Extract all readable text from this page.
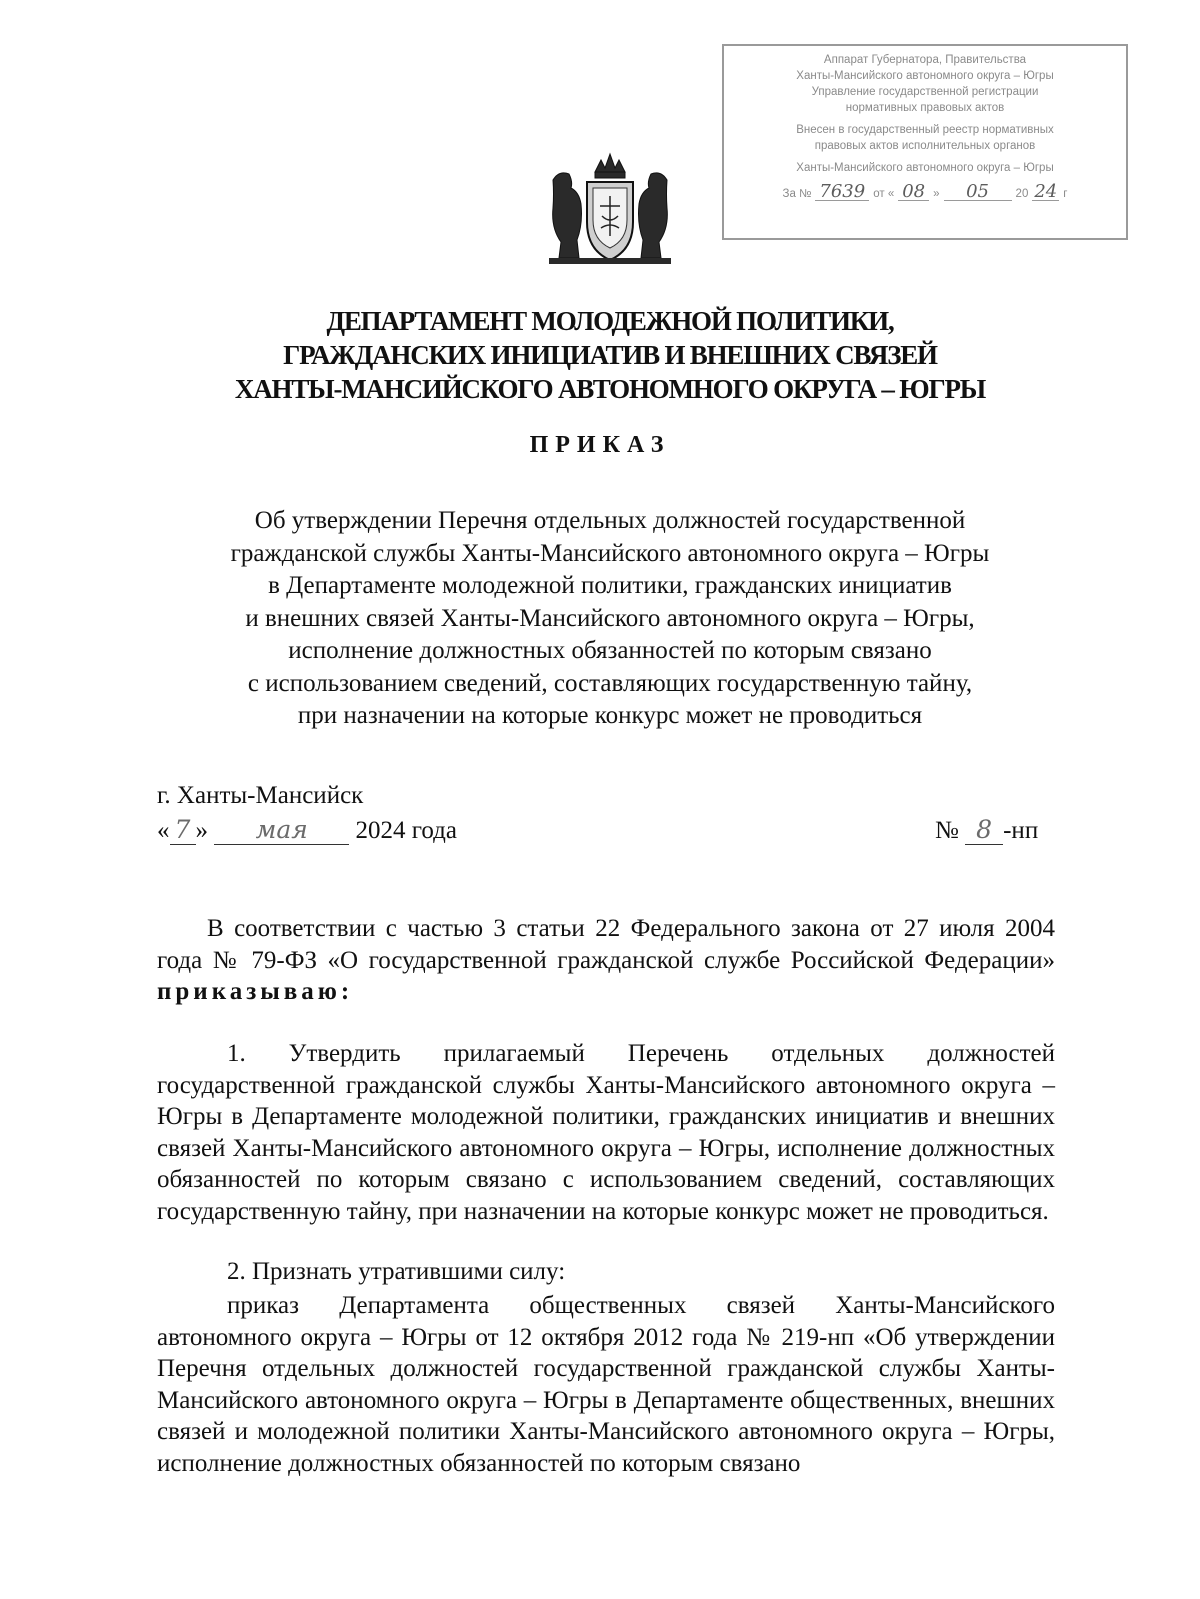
Аппарат Губернатора, Правительства
Ханты-Мансийского автономного округа – Югры
Управление государственной регистрации
нормативных правовых актов
Внесен в государственный реестр нормативных
правовых актов исполнительных органов
Ханты-Мансийского автономного округа – Югры
За № 7639 от « 08 »	05	20 24 г
ДЕПАРТАМЕНТ МОЛОДЕЖНОЙ ПОЛИТИКИ,
ГРАЖДАНСКИХ ИНИЦИАТИВ И ВНЕШНИХ СВЯЗЕЙ
ХАНТЫ-МАНСИЙСКОГО АВТОНОМНОГО ОКРУГА – ЮГРЫ
ПРИКАЗ
Об утверждении Перечня отдельных должностей государственной
гражданской службы Ханты-Мансийского автономного округа – Югры
в Департаменте молодежной политики, гражданских инициатив
и внешних связей Ханты-Мансийского автономного округа – Югры,
исполнение должностных обязанностей по которым связано
с использованием сведений, составляющих государственную тайну,
при назначении на которые конкурс может не проводиться
г. Ханты-Мансийск
« 7 » мая 2024 года	№ 8 -нп
В соответствии с частью 3 статьи 22 Федерального закона от 27 июля 2004 года № 79-ФЗ «О государственной гражданской службе Российской Федерации» приказываю:
1. Утвердить прилагаемый Перечень отдельных должностей государственной гражданской службы Ханты-Мансийского автономного округа – Югры в Департаменте молодежной политики, гражданских инициатив и внешних связей Ханты-Мансийского автономного округа – Югры, исполнение должностных обязанностей по которым связано с использованием сведений, составляющих государственную тайну, при назначении на которые конкурс может не проводиться.
2. Признать утратившими силу:
приказ Департамента общественных связей Ханты-Мансийского автономного округа – Югры от 12 октября 2012 года № 219-нп «Об утверждении Перечня отдельных должностей государственной гражданской службы Ханты-Мансийского автономного округа – Югры в Департаменте общественных, внешних связей и молодежной политики Ханты-Мансийского автономного округа – Югры, исполнение должностных обязанностей по которым связано
